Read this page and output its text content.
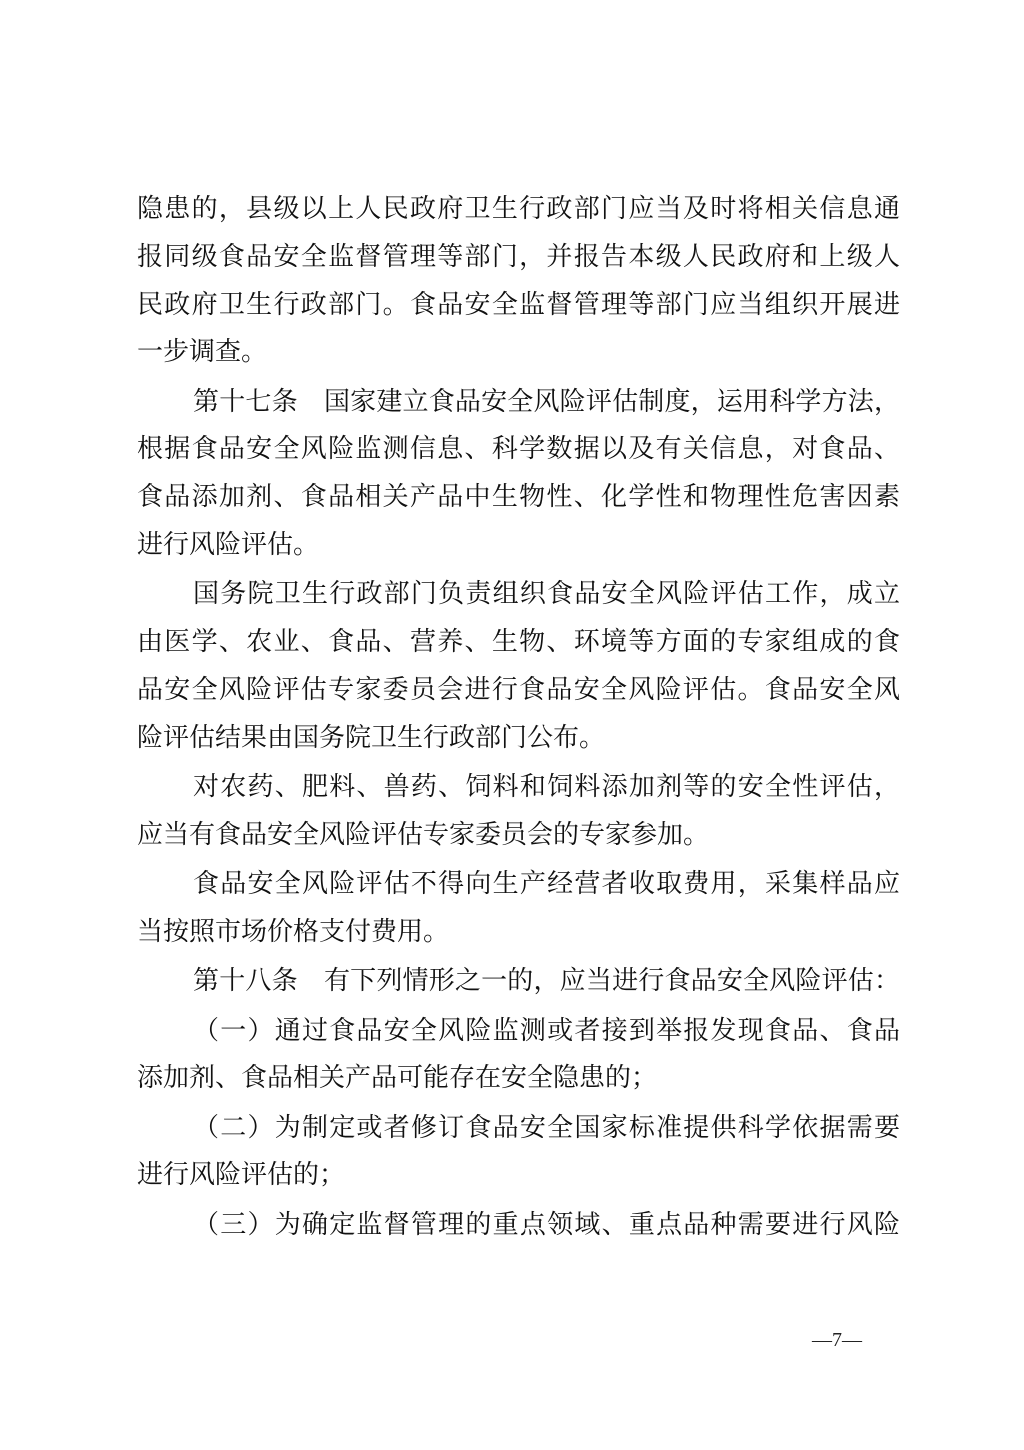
隐患的，县级以上人民政府卫生行政部门应当及时将相关信息通
报同级食品安全监督管理等部门，并报告本级人民政府和上级人
民政府卫生行政部门。食品安全监督管理等部门应当组织开展进
一步调查。
第十七条　国家建立食品安全风险评估制度，运用科学方法，
根据食品安全风险监测信息、科学数据以及有关信息，对食品、
食品添加剂、食品相关产品中生物性、化学性和物理性危害因素
进行风险评估。
国务院卫生行政部门负责组织食品安全风险评估工作，成立
由医学、农业、食品、营养、生物、环境等方面的专家组成的食
品安全风险评估专家委员会进行食品安全风险评估。食品安全风
险评估结果由国务院卫生行政部门公布。
对农药、肥料、兽药、饲料和饲料添加剂等的安全性评估，
应当有食品安全风险评估专家委员会的专家参加。
食品安全风险评估不得向生产经营者收取费用，采集样品应
当按照市场价格支付费用。
第十八条　有下列情形之一的，应当进行食品安全风险评估：
（一）通过食品安全风险监测或者接到举报发现食品、食品
添加剂、食品相关产品可能存在安全隐患的；
（二）为制定或者修订食品安全国家标准提供科学依据需要
进行风险评估的；
（三）为确定监督管理的重点领域、重点品种需要进行风险
—7—
